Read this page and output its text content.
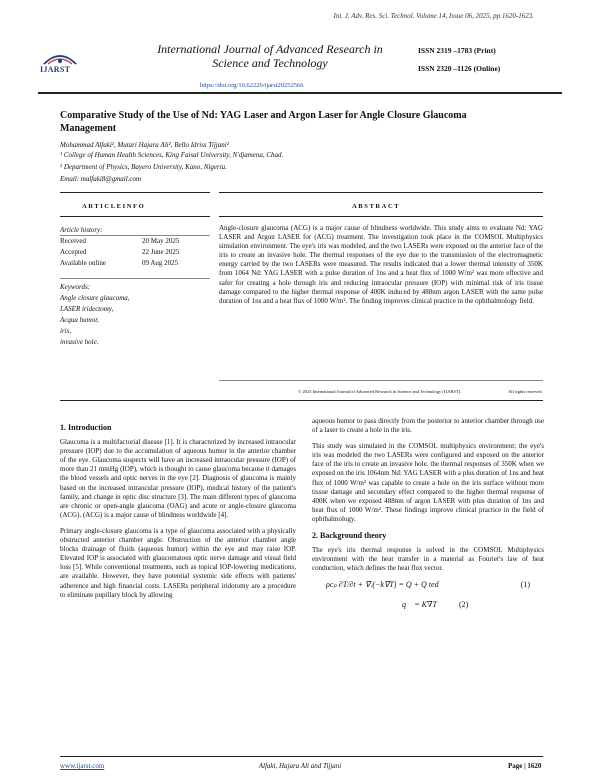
Int. J. Adv. Res. Sci. Technol. Volume 14, Issue 06, 2025, pp.1620-1623.
IJARST
International Journal of Advanced Research in
Science and Technology
ISSN 2319 –1783 (Print)
ISSN 2320 –1126 (Online)
https://doi.org/10.62226/ijarst20252566
Comparative Study of the Use of Nd: YAG Laser and Argon Laser for Angle Closure Glaucoma
Management
Mohammad Alfaki², Mutari Hajara Ali², Bello Idriss Tijjani²
¹ College of Human Health Sciences, King Faisal University, N'djamena, Chad.
² Department of Physics, Bayero University, Kano, Nigeria.
Email: malfaki8@gmail.com
ARTICLEINFO
Article history:
Received	20 May 2025
Accepted	22 June 2025
Available online	09 Aug 2025
Keywords:
Angle closure glaucoma,
LASER iridectomy,
Acqua humor,
iris,
invasive hole.
ABSTRACT
Angle-closure glaucoma (ACG) is a major cause of blindness worldwide. This study aims to evaluate Nd: YAG LASER and Argon LASER for (ACG) treatment. The investigation took place in the COMSOL Multiphysics simulation environment. The eye's iris was modeled, and the two LASERs were exposed on the anterior face of the iris to create an invasive hole. The thermal responses of the eye due to the transmission of the electromagnetic energy carried by the two LASERs were measured. The results indicated that a lower thermal intensity of 350K from 1064 Nd: YAG LASER with a pulse duration of 1ns and a heat flux of 1000 W/m² was more effective and safer for creating a hole through iris and reducing intraocular pressure (IOP) with minimal risk of iris tissue damage compared to the higher thermal response of 400K induced by 488nm argon LASER with the same pulse duration of 1ns and a heat flux of 1000 W/m². The finding improves clinical practice in the ophthalmology field.
© 2025 International Journal of Advanced Research in Science and Technology (IJARST).	All rights reserved.
1. Introduction

Glaucoma is a multifactorial disease [1]. It is characterized by increased intraocular pressure (IOP) due to the accumulation of aqueous humor in the anterior chamber of the eye. Glaucoma suspects will have an increased intraocular pressure (IOP) of more than 21 mmHg (IOP), which is thought to cause glaucoma because it damages the blood vessels and optic nerves in the eye [2]. Diagnosis of glaucoma is mainly based on the increased intraocular pressure (IOP), medical history of the patient's family, and change in optic disc structure [3]. The main different types of glaucoma are chronic or open-angle glaucoma (OAG) and acute or angle-closure glaucoma (ACG). (ACG) is a major cause of blindness worldwide [4].

Primary angle-closure glaucoma is a type of glaucoma associated with a physically obstructed anterior chamber angle. Obstruction of the anterior chamber angle blocks drainage of fluids (aqueous humor) within the eye and may raise IOP. Elevated IOP is associated with glaucomatous optic nerve damage and visual field loss [5]. While conventional treatments, such as topical IOP-lowering medications, are available. However, they have potential systemic side effects with patients' adherence and high financial costs. LASERs peripheral iridotomy are a procedure to eliminate pupillary block by allowing

aqueous humor to pass directly from the posterior to anterior chamber through use of a laser to create a hole in the iris.

This study was simulated in the COMSOL multiphysics environment; the eye's iris was modeled the two LASERs were configured and exposed on the anterior face of the iris to create an invasive hole. the thermal responses of 350K when we exposed on the iris 1064nm Nd: YAG LASER with a plus duration of 1ns and heat flux of 1000 W/m² was capable to create a hole on the iris surface without more tissue damage and secondary effect compared to the higher thermal response of 400K when we exposed 488nm of argon LASER with plus duration of 1ns and heat flux of 1000 W/m². These findings improve clinical practice in the field of ophthalmology.

2. Background theory

The eye's iris thermal response is solved in the COMSOL Multiphysics environment with the heat transfer in a material as Fourier's law of heat conduction, which defines the heat flux vector.

ρcₚ ∂T/∂t + ∇.(−k∇T) = Q + Q ted	(1)
q⃗ = K∇T	(2)
Alfaki, Hajara Ali and Tijjani
www.ijarst.com	Page | 1620
